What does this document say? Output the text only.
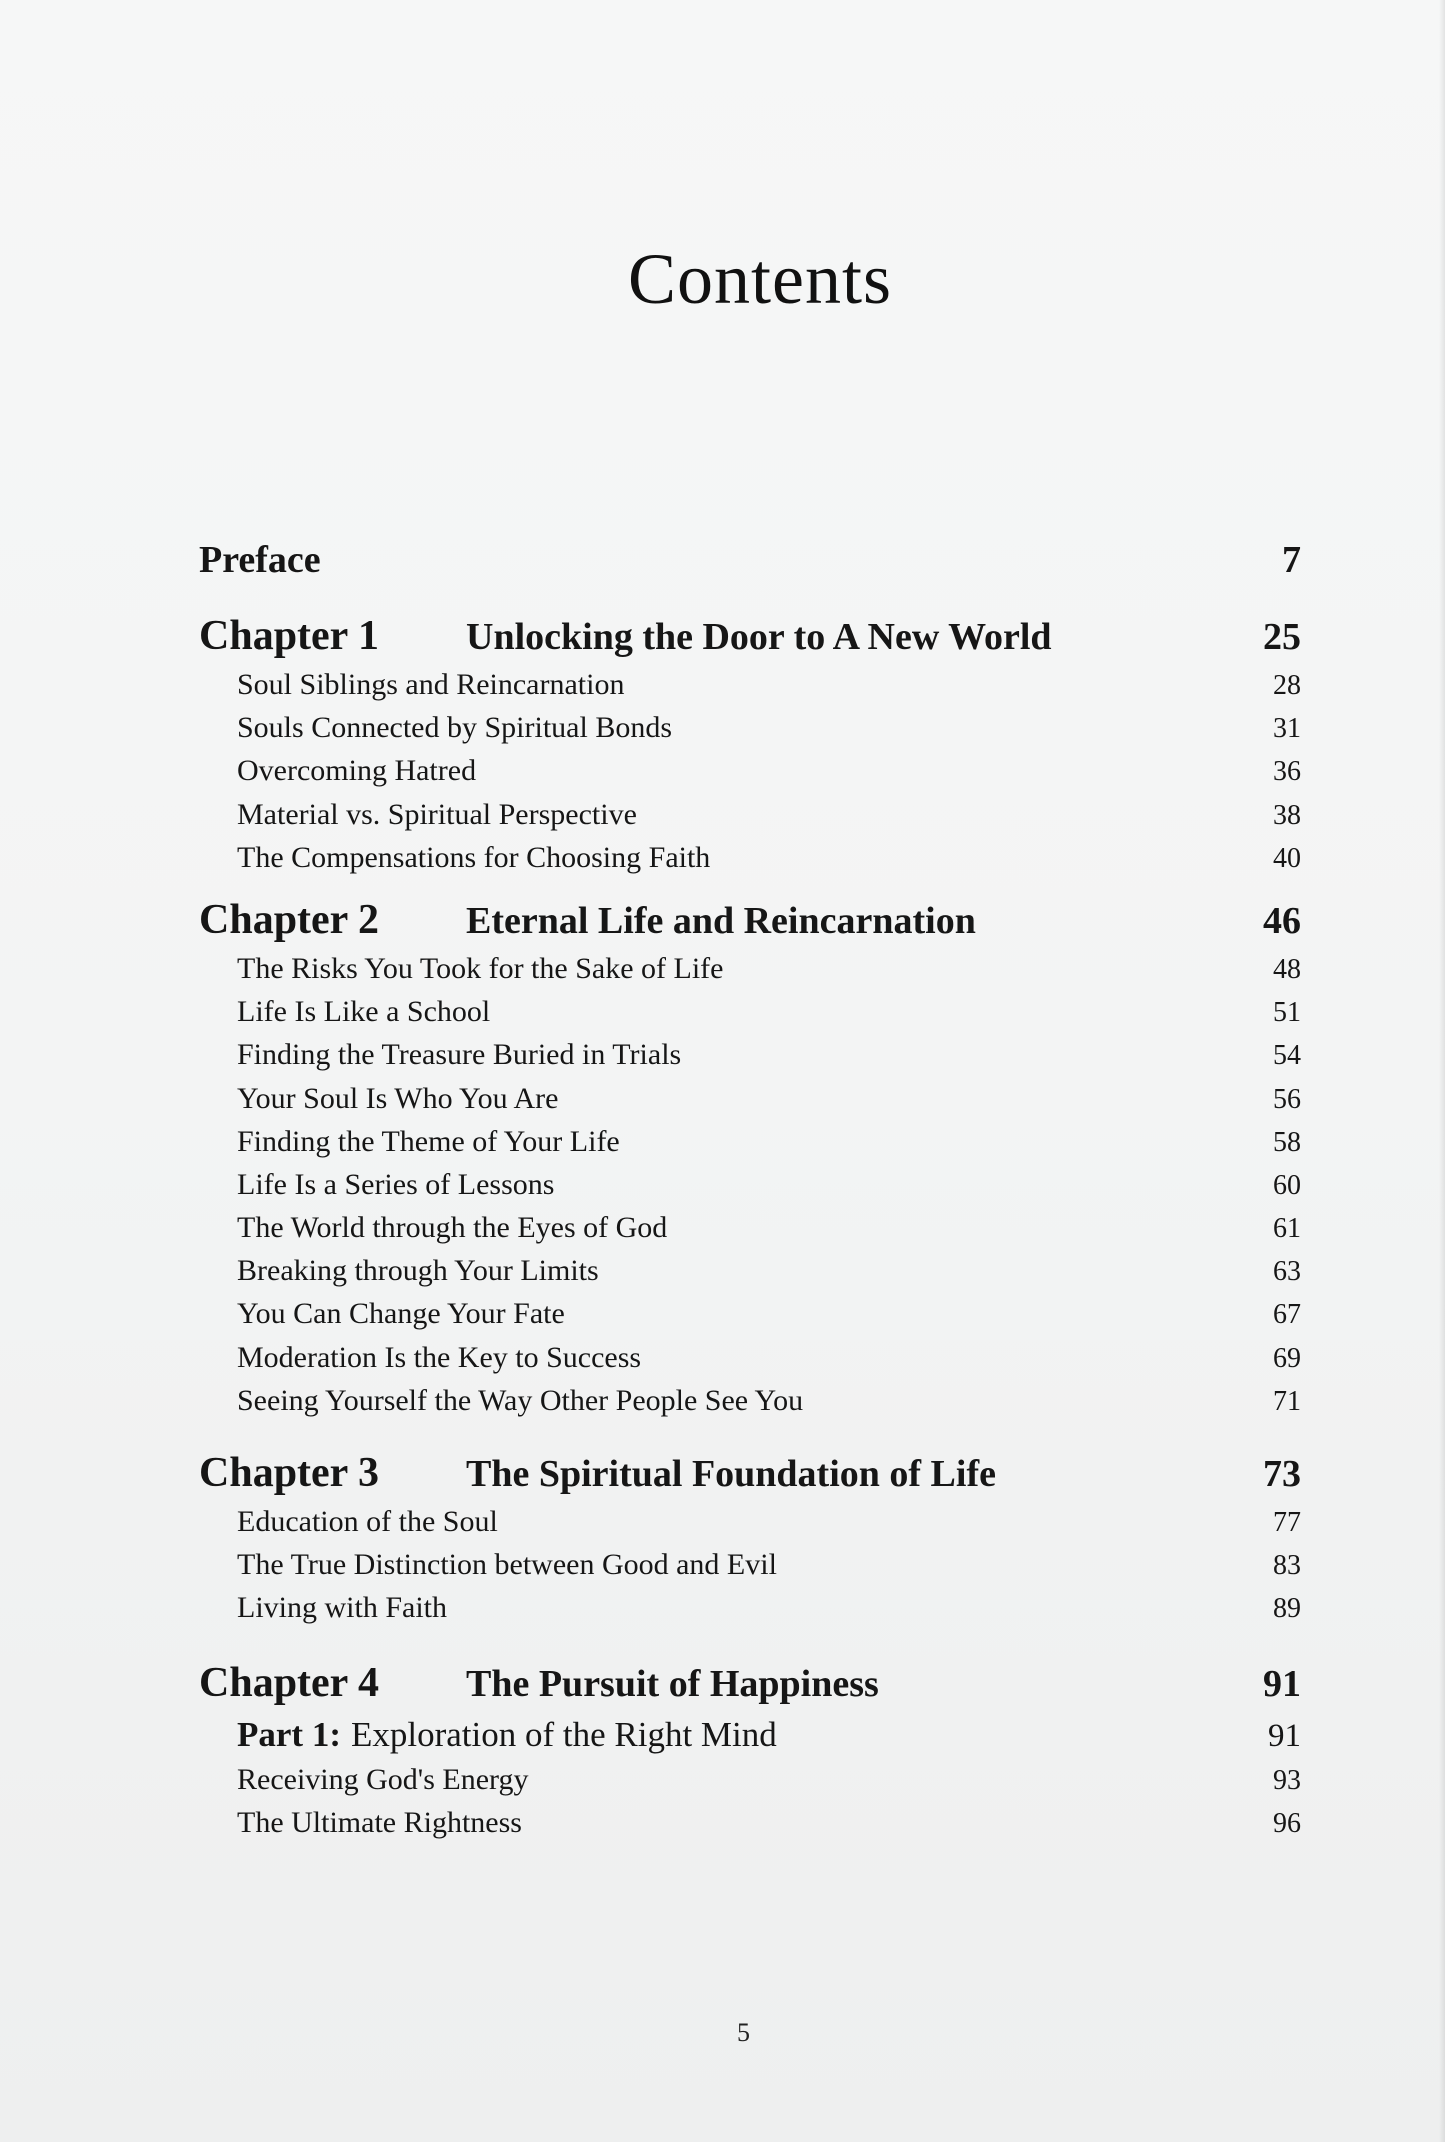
Contents
Preface	7
Chapter 1	Unlocking the Door to A New World	25
Soul Siblings and Reincarnation	28
Souls Connected by Spiritual Bonds	31
Overcoming Hatred	36
Material vs. Spiritual Perspective	38
The Compensations for Choosing Faith	40
Chapter 2	Eternal Life and Reincarnation	46
The Risks You Took for the Sake of Life	48
Life Is Like a School	51
Finding the Treasure Buried in Trials	54
Your Soul Is Who You Are	56
Finding the Theme of Your Life	58
Life Is a Series of Lessons	60
The World through the Eyes of God	61
Breaking through Your Limits	63
You Can Change Your Fate	67
Moderation Is the Key to Success	69
Seeing Yourself the Way Other People See You	71
Chapter 3	The Spiritual Foundation of Life	73
Education of the Soul	77
The True Distinction between Good and Evil	83
Living with Faith	89
Chapter 4	The Pursuit of Happiness	91
Part 1: Exploration of the Right Mind	91
Receiving God's Energy	93
The Ultimate Rightness	96
5
